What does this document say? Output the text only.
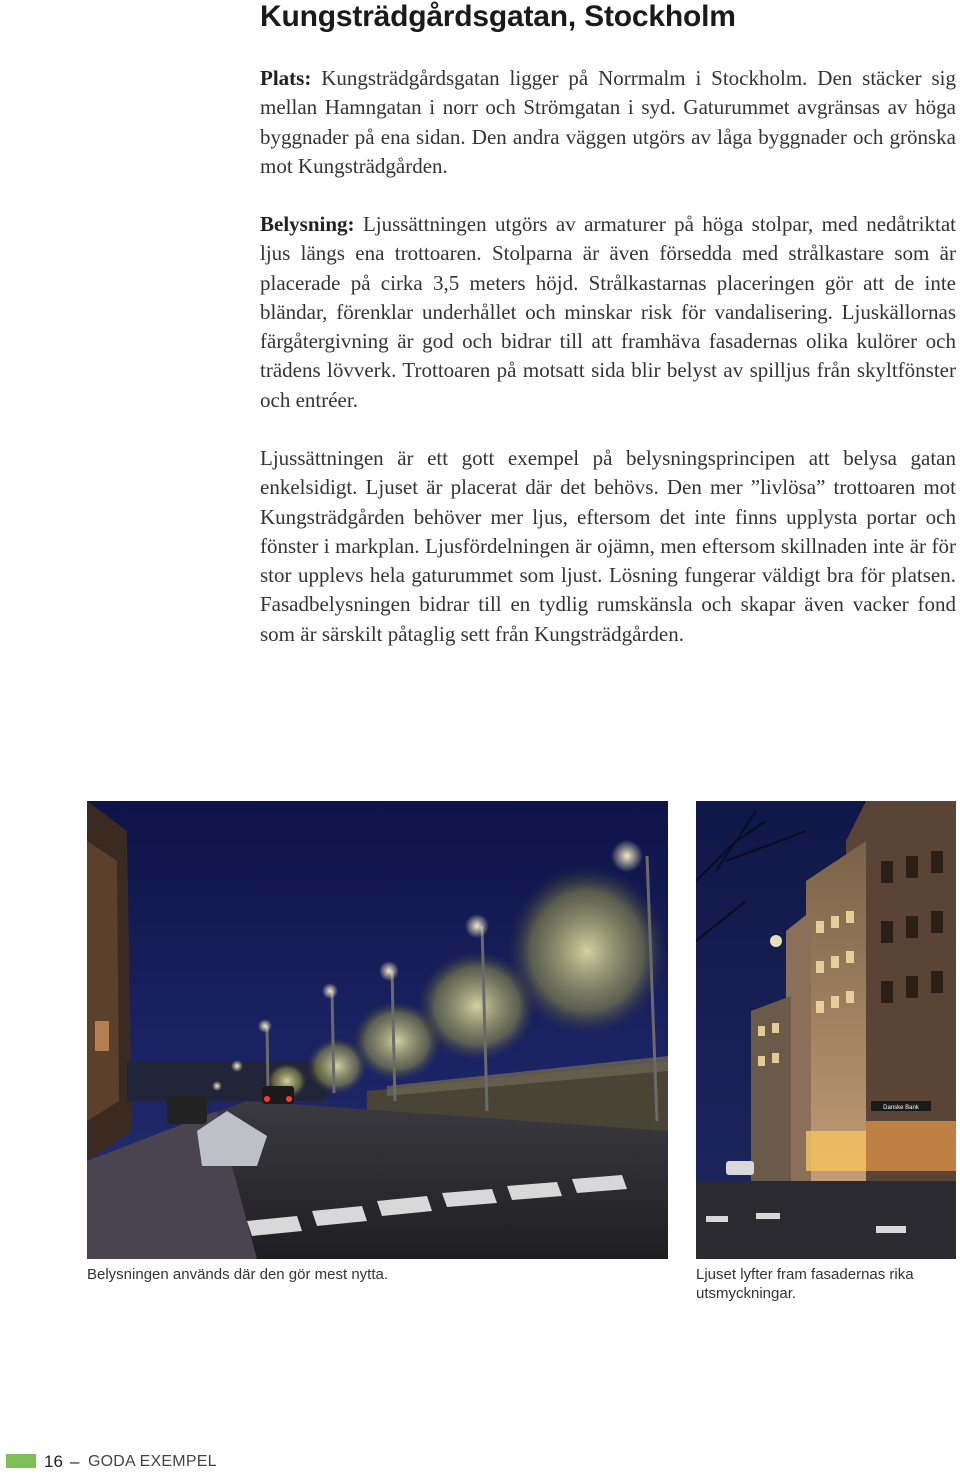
Kungsträdgårdsgatan, Stockholm

Plats: Kungsträdgårdsgatan ligger på Norrmalm i Stockholm. Den stäcker sig mellan Hamngatan i norr och Strömgatan i syd. Gaturummet avgränsas av höga byggnader på ena sidan. Den andra väggen utgörs av låga byggnader och grönska mot Kungsträdgården.

Belysning: Ljussättningen utgörs av armaturer på höga stolpar, med nedåtriktat ljus längs ena trottoaren. Stolparna är även försedda med strålkastare som är placerade på cirka 3,5 meters höjd. Strålkastarnas placeringen gör att de inte bländar, förenklar underhållet och minskar risk för vandalisering. Ljuskällornas färgåtergivning är god och bidrar till att framhäva fasadernas olika kulörer och trädens lövverk. Trottoaren på motsatt sida blir belyst av spilljus från skyltfönster och entréer.

Ljussättningen är ett gott exempel på belysningsprincipen att belysa gatan enkelsidigt. Ljuset är placerat där det behövs. Den mer ”livlösa” trottoaren mot Kungsträdgården behöver mer ljus, eftersom det inte finns upplysta portar och fönster i markplan. Ljusfördelningen är ojämn, men eftersom skillnaden inte är för stor upplevs hela gaturummet som ljust. Lösning fungerar väldigt bra för platsen. Fasadbelysningen bidrar till en tydlig rumskänsla och skapar även vacker fond som är särskilt påtaglig sett från Kungsträdgården.

Danske Bank

Belysningen används där den gör mest nytta.	Ljuset lyfter fram fasadernas rika utsmyckningar.

16 – GODA EXEMPEL
